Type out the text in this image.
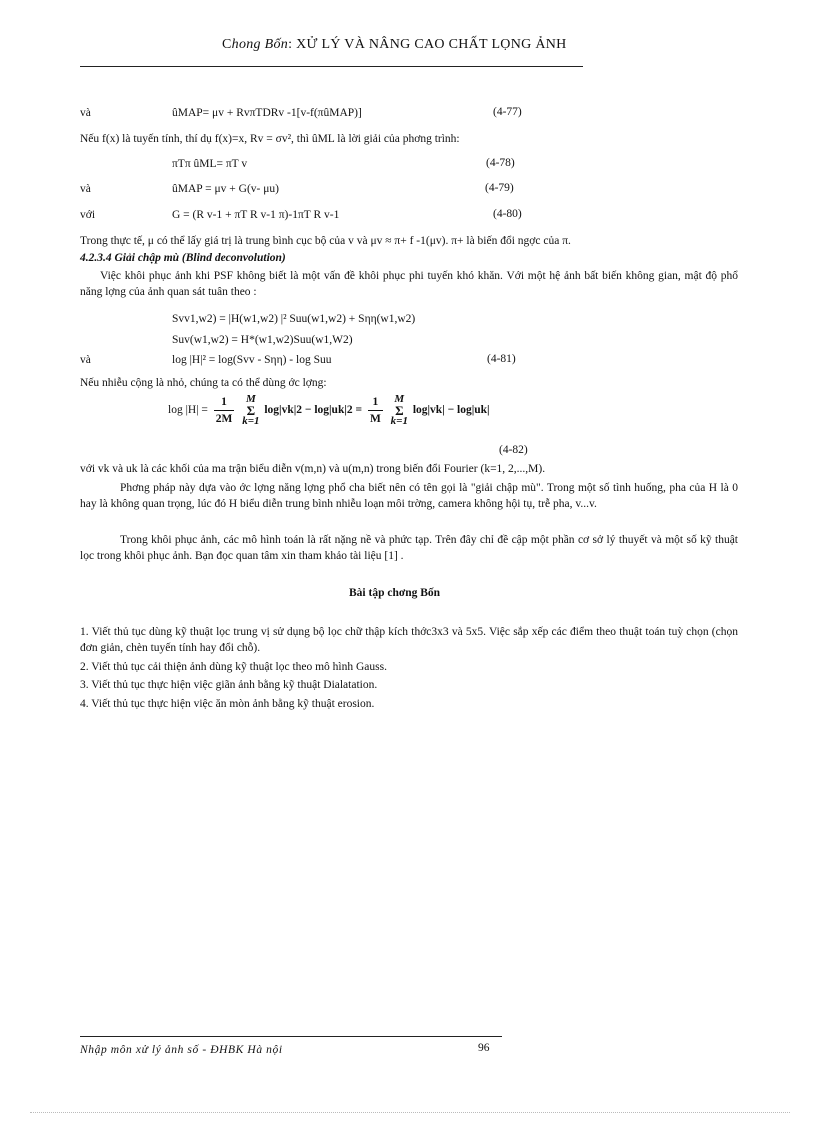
Chong Bốn: XỬ LÝ VÀ NÂNG CAO CHẤT LỌNG ẢNH
và	ûMAP= μv + RvπTDRv -1[v-f(πûMAP)]	(4-77)
Nếu f(x) là tuyến tính, thí dụ f(x)=x, Rv = σv², thì ûML là lời giải của phơng trình:
πTπ ûML= πT v	(4-78)
và	ûMAP = μv + G(v- μu)	(4-79)
với	G = (R v-1 + πT R v-1 π)-1πT R v-1	(4-80)
Trong thực tế, μ có thể lấy giá trị là trung bình cục bộ của v và μv ≈ π+ f -1(μv). π+ là biến đổi ngợc của π.
4.2.3.4 Giải chập mù (Blind deconvolution)
Việc khôi phục ảnh khi PSF không biết là một vấn đề khôi phục phi tuyến khó khăn. Với một hệ ảnh bất biến không gian, mật độ phổ năng lợng của ảnh quan sát tuân theo :
Svv1,w2) = |H(w1,w2) |² Suu(w1,w2) + Sηη(w1,w2)
Suv(w1,w2) = H*(w1,w2)Suu(w1,W2)
và	log |H|² = log(Svv - Sηη) - log Suu	(4-81)
Nếu nhiễu cộng là nhỏ, chúng ta có thể dùng ớc lợng:
$\log |H| = \frac{1}{2M}$
	M
Σ
k=1
$\log|vk|2 - \log|uk|2 = \frac{1}{M}$
	M
Σ
k=1
log|vk| − log|uk|
(4-82)
với vk và uk là các khối của ma trận biểu diễn v(m,n) và u(m,n) trong biến đổi Fourier (k=1, 2,...,M).
Phơng pháp này dựa vào ớc lợng năng lợng phổ cha biết nên có tên gọi là "giải chập mù". Trong một số tình huống, pha của H là 0 hay là không quan trọng, lúc đó H biểu diễn trung bình nhiễu loạn môi trờng, camera không hội tụ, trễ pha, v...v.
Trong khôi phục ảnh, các mô hình toán là rất nặng nề và phức tạp. Trên đây chỉ đề cập một phần cơ sở lý thuyết và một số kỹ thuật lọc trong khôi phục ảnh. Bạn đọc quan tâm xin tham khảo tài liệu [1] .
Bài tập chơng Bốn
1. Viết thủ tục dùng kỹ thuật lọc trung vị sử dụng bộ lọc chữ thập kích thớc3x3 và 5x5. Việc sắp xếp các điểm theo thuật toán tuỳ chọn (chọn đơn giản, chèn tuyến tính hay đổi chỗ).
2. Viết thủ tục cải thiện ảnh dùng kỹ thuật lọc theo mô hình Gauss.
3. Viết thủ tục thực hiện việc giãn ảnh bằng kỹ thuật Dialatation.
4. Viết thủ tục thực hiện việc ăn mòn ảnh bằng kỹ thuật erosion.
Nhập môn xử lý ảnh số - ĐHBK Hà nội	96
